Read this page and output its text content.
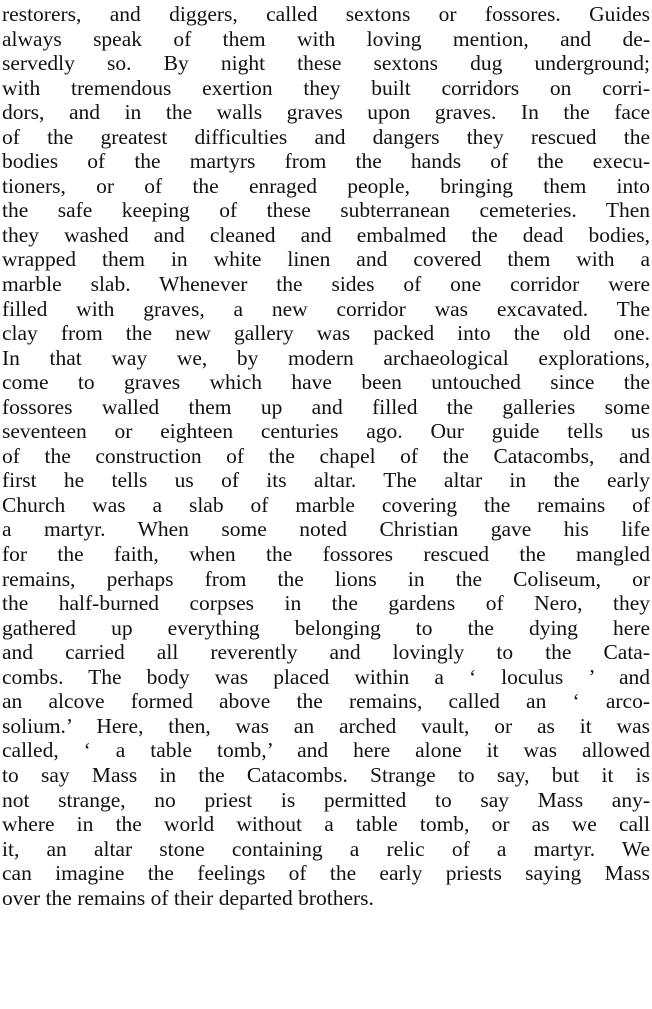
restorers, and diggers, called sextons or fossores. Guides
always speak of them with loving mention, and de-
servedly so. By night these sextons dug underground;
with tremendous exertion they built corridors on corri-
dors, and in the walls graves upon graves. In the face
of the greatest difficulties and dangers they rescued the
bodies of the martyrs from the hands of the execu-
tioners, or of the enraged people, bringing them into
the safe keeping of these subterranean cemeteries. Then
they washed and cleaned and embalmed the dead bodies,
wrapped them in white linen and covered them with a
marble slab. Whenever the sides of one corridor were
filled with graves, a new corridor was excavated. The
clay from the new gallery was packed into the old one.
In that way we, by modern archaeological explorations,
come to graves which have been untouched since the
fossores walled them up and filled the galleries some
seventeen or eighteen centuries ago. Our guide tells us
of the construction of the chapel of the Catacombs, and
first he tells us of its altar. The altar in the early
Church was a slab of marble covering the remains of
a martyr. When some noted Christian gave his life
for the faith, when the fossores rescued the mangled
remains, perhaps from the lions in the Coliseum, or
the half-burned corpses in the gardens of Nero, they
gathered up everything belonging to the dying here
and carried all reverently and lovingly to the Cata-
combs. The body was placed within a ‘ loculus ’ and
an alcove formed above the remains, called an ‘ arco-
solium.’ Here, then, was an arched vault, or as it was
called, ‘ a table tomb,’ and here alone it was allowed
to say Mass in the Catacombs. Strange to say, but it is
not strange, no priest is permitted to say Mass any-
where in the world without a table tomb, or as we call
it, an altar stone containing a relic of a martyr. We
can imagine the feelings of the early priests saying Mass
over the remains of their departed brothers.
